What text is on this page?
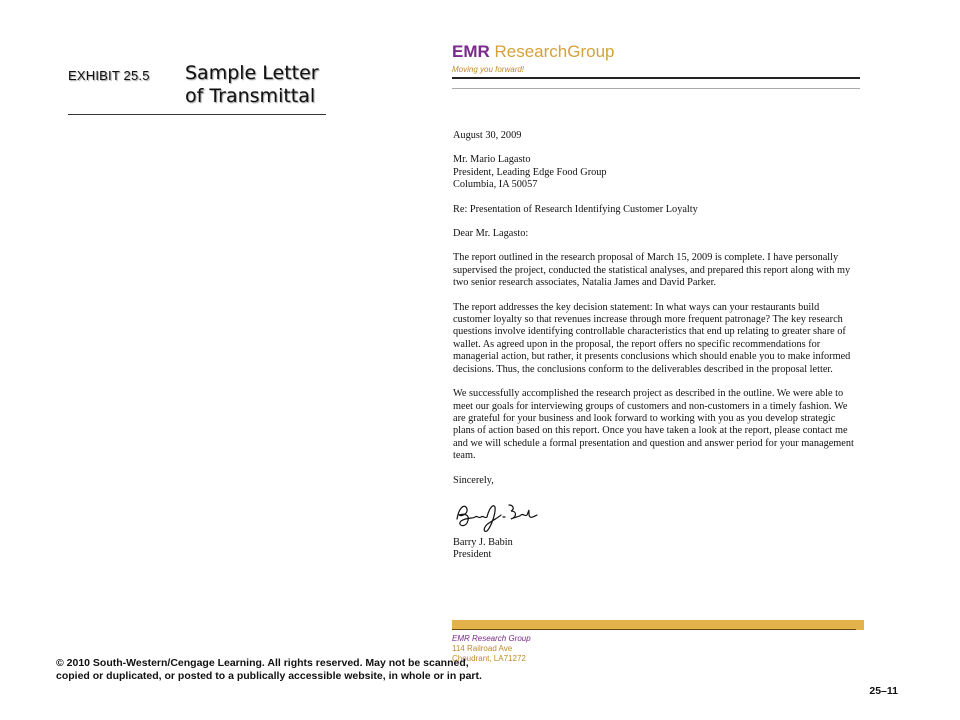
EXHIBIT 25.5 Sample Letter
of Transmittal
EMR ResearchGroup
Moving you forward!

August 30, 2009

Mr. Mario Lagasto
President, Leading Edge Food Group
Columbia, IA 50057

Re: Presentation of Research Identifying Customer Loyalty

Dear Mr. Lagasto:

The report outlined in the research proposal of March 15, 2009 is complete. I have personally supervised the project, conducted the statistical analyses, and prepared this report along with my two senior research associates, Natalia James and David Parker.

The report addresses the key decision statement: In what ways can your restaurants build customer loyalty so that revenues increase through more frequent patronage? The key research questions involve identifying controllable characteristics that end up relating to greater share of wallet. As agreed upon in the proposal, the report offers no specific recommendations for managerial action, but rather, it presents conclusions which should enable you to make informed decisions. Thus, the conclusions conform to the deliverables described in the proposal letter.

We successfully accomplished the research project as described in the outline. We were able to meet our goals for interviewing groups of customers and non-customers in a timely fashion. We are grateful for your business and look forward to working with you as you develop strategic plans of action based on this report. Once you have taken a look at the report, please contact me and we will schedule a formal presentation and question and answer period for your management team.

Sincerely,

Barry J. Babin
President

EMR Research Group
114 Railroad Ave
Choudrant, LA71272
© 2010 South-Western/Cengage Learning. All rights reserved. May not be scanned, copied or duplicated, or posted to a publically accessible website, in whole or in part.
25–11
